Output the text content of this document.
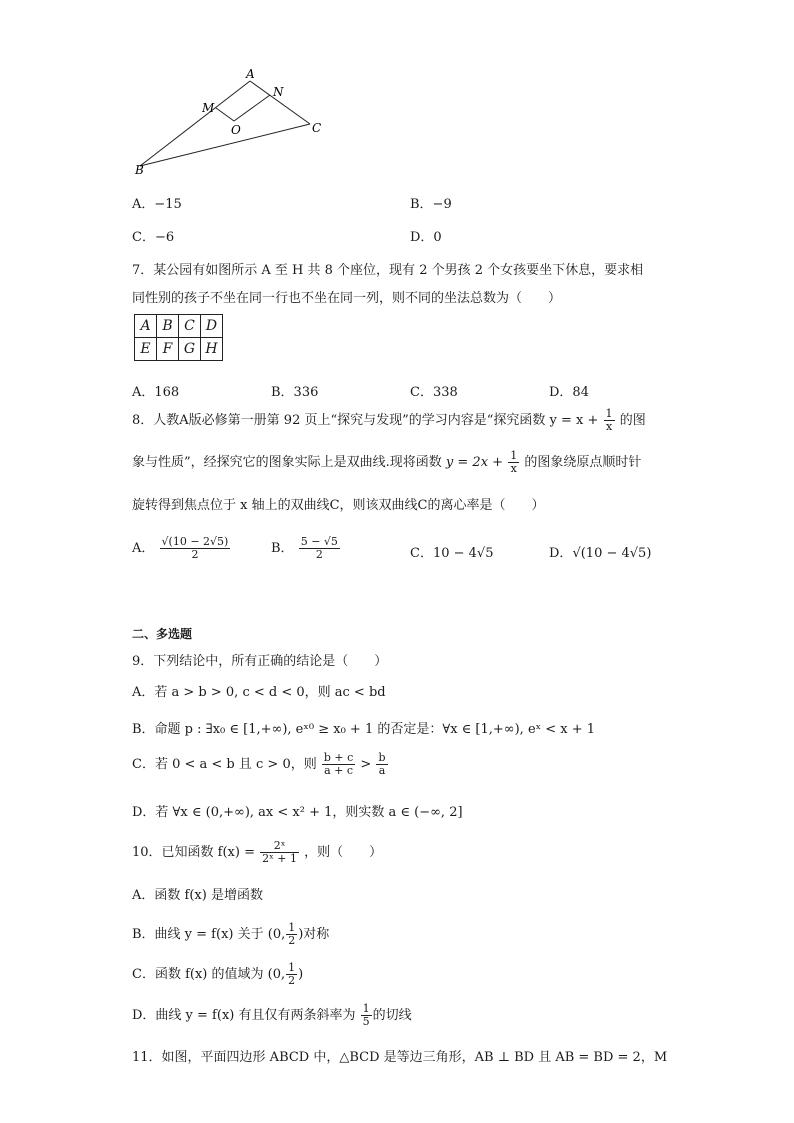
A
N
M
O	C
B
A．−15	B．−9
C．−6	D．0
7．某公园有如图所示 A 至 H 共 8 个座位，现有 2 个男孩 2 个女孩要坐下休息，要求相
同性别的孩子不坐在同一行也不坐在同一列，则不同的坐法总数为（　　）
A	B	C	D
E	F	G	H
A．168	B．336	C．338	D．84
8．人教A版必修第一册第 92 页上“探究与发现”的学习内容是“探究函数 $y = x + \frac{1}{x}$ 的图
象与性质”，经探究它的图象实际上是双曲线.现将函数 $y = 2x + \frac{1}{x}$ 的图象绕原点顺时针
旋转得到焦点位于 x 轴上的双曲线C，则该双曲线C的离心率是（　　）
A． $\frac{√(10 - 2√5)}{2}$	B． $\frac{5 - √5}{2}$	C．10 − 4√5	D．√(10 − 4√5)
二、多选题
9．下列结论中，所有正确的结论是（　　）
A．若 a > b > 0, c < d < 0，则 ac < bd
B．命题 p : ∃x₀ ∈ [1,+∞), eˣ⁰ ≥ x₀ + 1 的否定是：∀x ∈ [1,+∞), eˣ < x + 1
C．若 0 < a < b 且 c > 0，则 $\frac{b + c}{a + c} > \frac{b}{a}$
D．若 ∀x ∈ (0,+∞), ax < x² + 1，则实数 a ∈ (−∞, 2]
10．已知函数 $f(x) = \frac{\text{2ˣ}}{\text{2ˣ + 1}}$ ，则（　　）
A．函数 f(x) 是增函数
B．曲线 y = f(x) 关于 (0, $\frac{1}{2}$ )对称
C．函数 f(x) 的值域为 (0, $\frac{1}{2}$ )
D．曲线 y = f(x) 有且仅有两条斜率为 $\frac{1}{5}$ 的切线
11．如图，平面四边形 ABCD 中，△BCD 是等边三角形，AB ⊥ BD 且 AB = BD = 2，M
